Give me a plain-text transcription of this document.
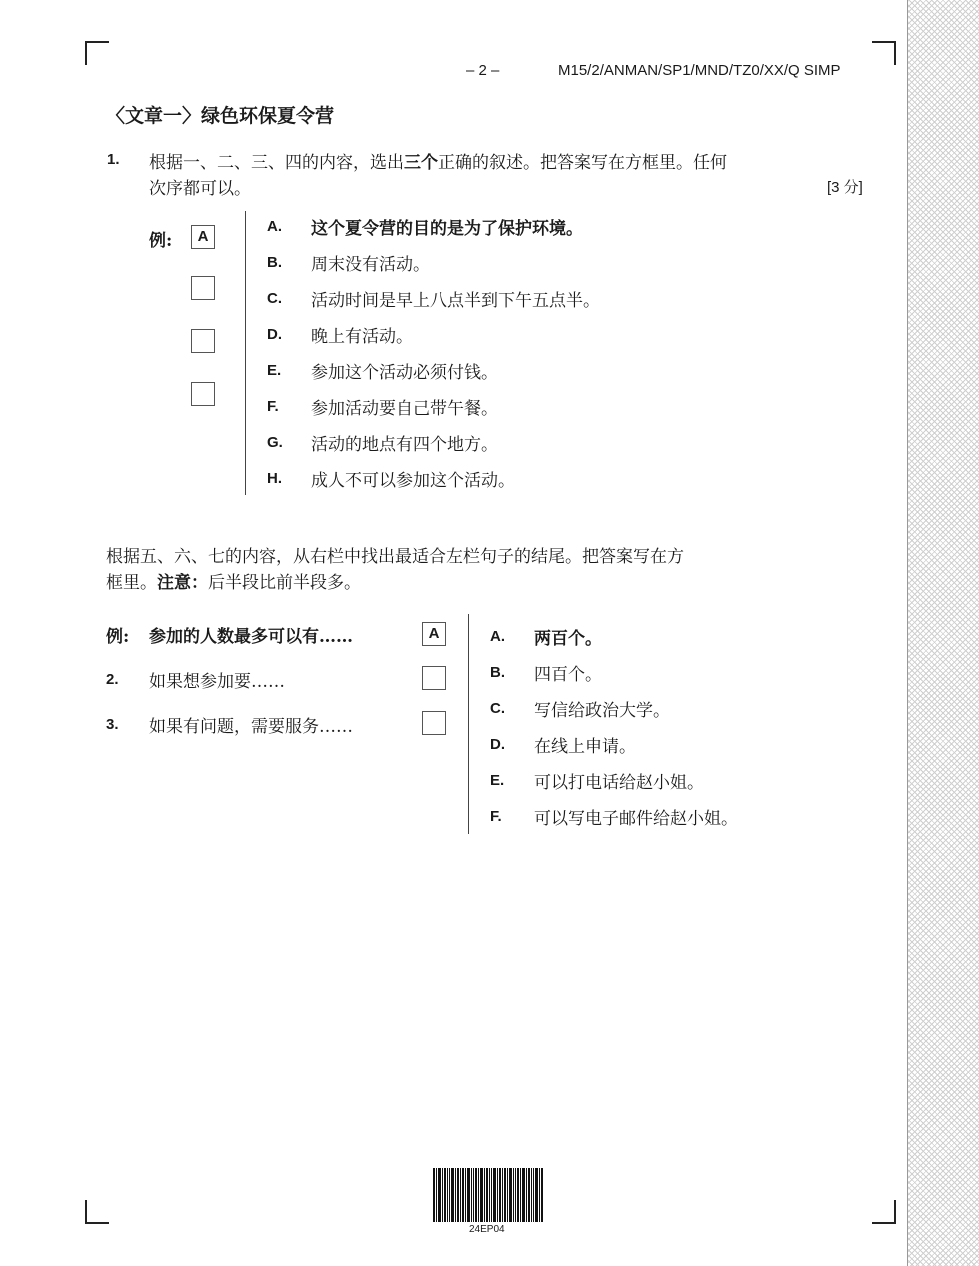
– 2 –	M15/2/ANMAN/SP1/MND/TZ0/XX/Q SIMP
〈文章一〉绿色环保夏令营
1. 根据一、二、三、四的内容，选出三个正确的叙述。把答案写在方框里。任何
次序都可以。	[3 分]
例:	A
A. 这个夏令营的目的是为了保护环境。
B. 周末没有活动。
C. 活动时间是早上八点半到下午五点半。
D. 晚上有活动。
E. 参加这个活动必须付钱。
F. 参加活动要自己带午餐。
G. 活动的地点有四个地方。
H. 成人不可以参加这个活动。
根据五、六、七的内容，从右栏中找出最适合左栏句子的结尾。把答案写在方
框里。注意：后半段比前半段多。
例: 参加的人数最多可以有……	A
2. 如果想参加要……
3. 如果有问题，需要服务……
A. 两百个。
B. 四百个。
C. 写信给政治大学。
D. 在线上申请。
E. 可以打电话给赵小姐。
F. 可以写电子邮件给赵小姐。
24EP04
